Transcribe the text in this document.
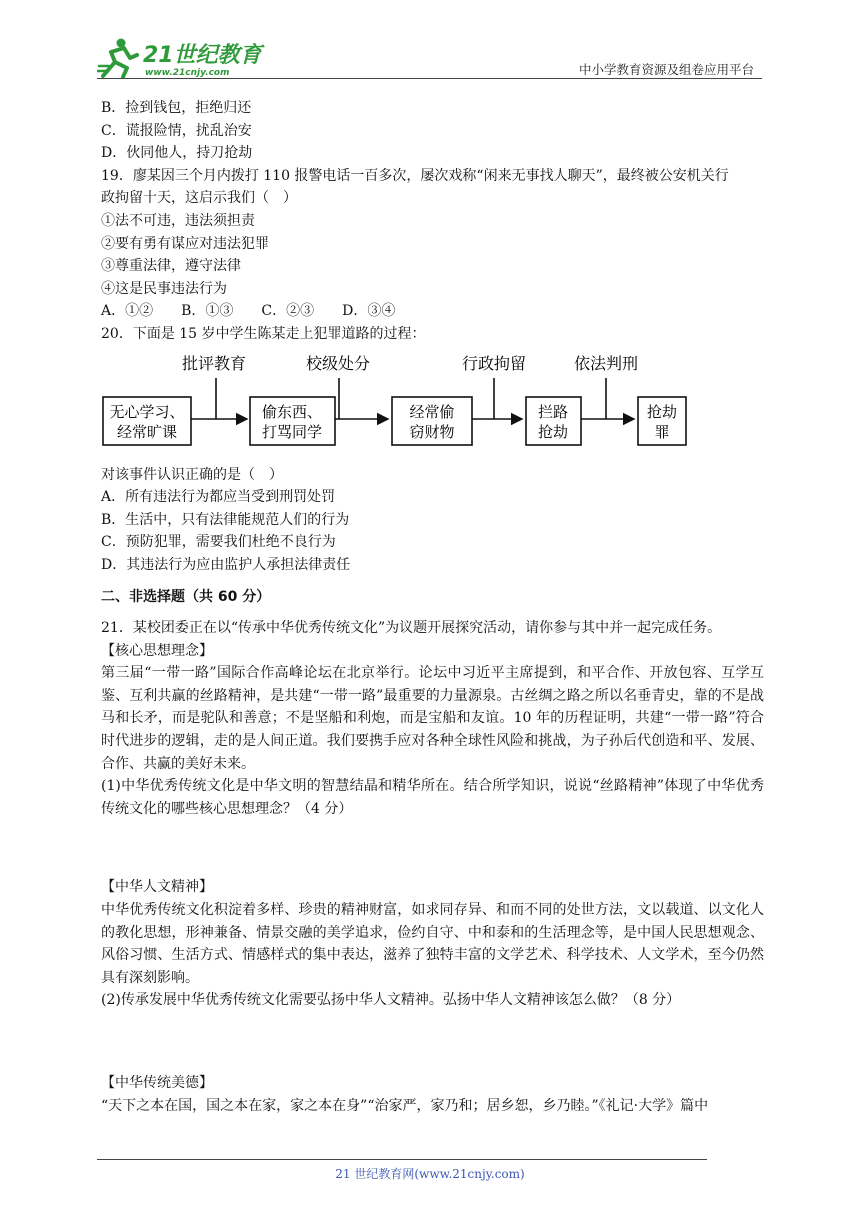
21世纪教育
www.21cnjy.com	中小学教育资源及组卷应用平台
B．捡到钱包，拒绝归还
C．谎报险情，扰乱治安
D．伙同他人，持刀抢劫
19．廖某因三个月内拨打 110 报警电话一百多次，屡次戏称“闲来无事找人聊天”，最终被公安机关行
政拘留十天，这启示我们（　）
①法不可违，违法须担责
②要有勇有谋应对违法犯罪
③尊重法律，遵守法律
④这是民事违法行为
A．①②　　B．①③　　C．②③　　D．③④
20．下面是 15 岁中学生陈某走上犯罪道路的过程：
批评教育	校级处分	行政拘留	依法判刑
无心学习、
经常旷课
偷东西、
打骂同学
经常偷
窃财物
拦路
抢劫
抢劫
罪
对该事件认识正确的是（　）
A．所有违法行为都应当受到刑罚处罚
B．生活中，只有法律能规范人们的行为
C．预防犯罪，需要我们杜绝不良行为
D．其违法行为应由监护人承担法律责任
二、非选择题（共 60 分）
21．某校团委正在以“传承中华优秀传统文化”为议题开展探究活动，请你参与其中并一起完成任务。
【核心思想理念】
第三届“一带一路”国际合作高峰论坛在北京举行。论坛中习近平主席提到，和平合作、开放包容、互学互鉴、互利共赢的丝路精神，是共建“一带一路”最重要的力量源泉。古丝绸之路之所以名垂青史，靠的不是战马和长矛，而是驼队和善意；不是坚船和利炮，而是宝船和友谊。10 年的历程证明，共建“一带一路”符合时代进步的逻辑，走的是人间正道。我们要携手应对各种全球性风险和挑战，为子孙后代创造和平、发展、合作、共赢的美好未来。
(1)中华优秀传统文化是中华文明的智慧结晶和精华所在。结合所学知识，说说“丝路精神”体现了中华优秀传统文化的哪些核心思想理念？（4 分）
【中华人文精神】
中华优秀传统文化积淀着多样、珍贵的精神财富，如求同存异、和而不同的处世方法，文以载道、以文化人的教化思想，形神兼备、情景交融的美学追求，俭约自守、中和泰和的生活理念等，是中国人民思想观念、风俗习惯、生活方式、情感样式的集中表达，滋养了独特丰富的文学艺术、科学技术、人文学术，至今仍然具有深刻影响。
(2)传承发展中华优秀传统文化需要弘扬中华人文精神。弘扬中华人文精神该怎么做？（8 分）
【中华传统美德】
“天下之本在国，国之本在家，家之本在身”“治家严，家乃和；居乡恕，乡乃睦。”《礼记·大学》篇中
21 世纪教育网(www.21cnjy.com)
